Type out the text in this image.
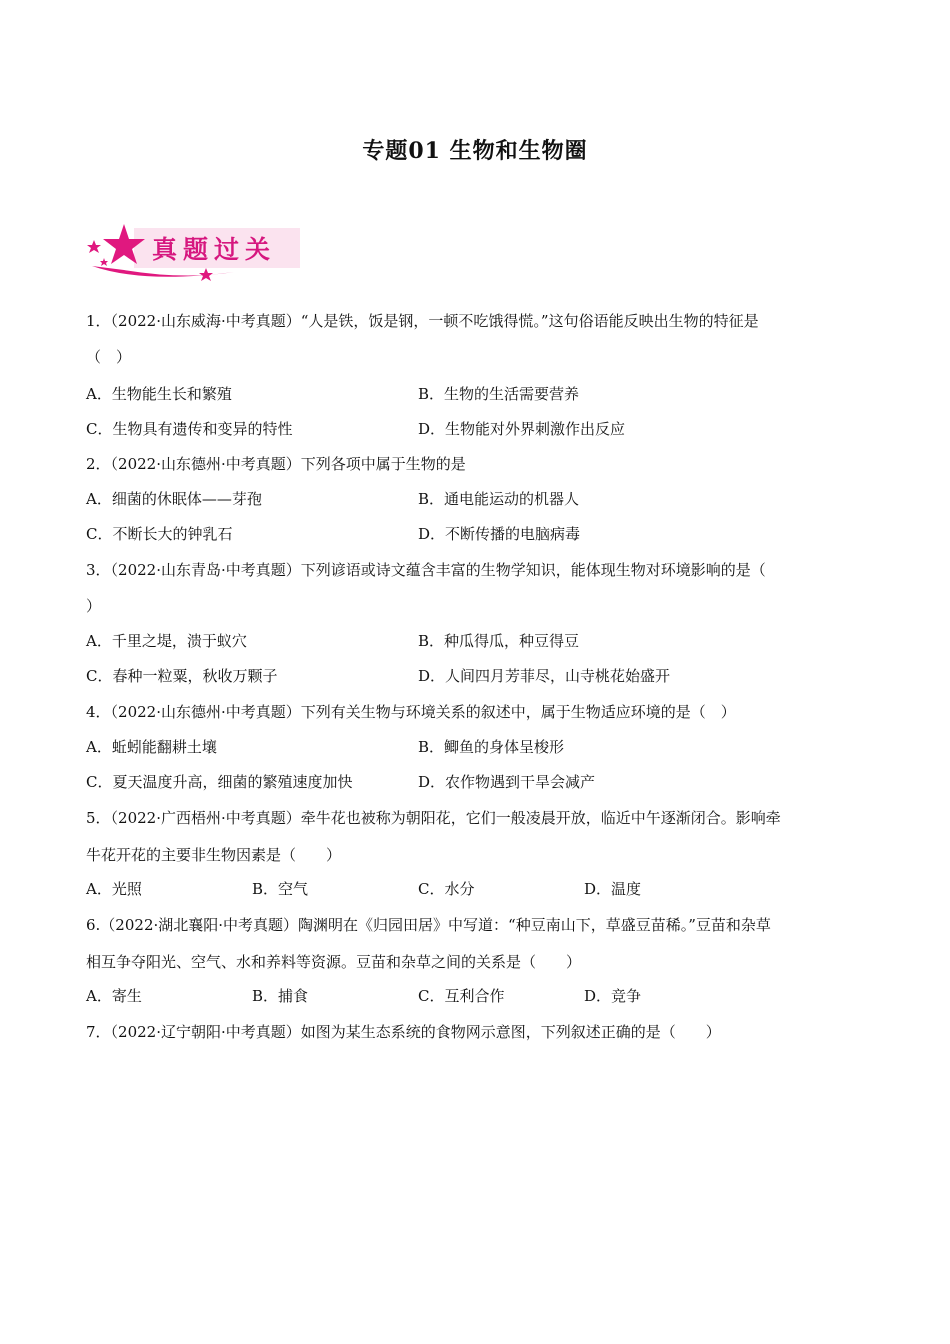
专题01 生物和生物圈
真题过关
1．（2022·山东威海·中考真题）“人是铁，饭是钢，一顿不吃饿得慌。”这句俗语能反映出生物的特征是
（　）
A．生物能生长和繁殖	B．生物的生活需要营养
C．生物具有遗传和变异的特性	D．生物能对外界刺激作出反应
2．（2022·山东德州·中考真题）下列各项中属于生物的是
A．细菌的休眠体——芽孢	B．通电能运动的机器人
C．不断长大的钟乳石	D．不断传播的电脑病毒
3．（2022·山东青岛·中考真题）下列谚语或诗文蕴含丰富的生物学知识，能体现生物对环境影响的是（
）
A．千里之堤，溃于蚁穴	B．种瓜得瓜，种豆得豆
C．春种一粒粟，秋收万颗子	D．人间四月芳菲尽，山寺桃花始盛开
4．（2022·山东德州·中考真题）下列有关生物与环境关系的叙述中，属于生物适应环境的是（　）
A．蚯蚓能翻耕土壤	B．鲫鱼的身体呈梭形
C．夏天温度升高，细菌的繁殖速度加快	D．农作物遇到干旱会减产
5．（2022·广西梧州·中考真题）牵牛花也被称为朝阳花，它们一般凌晨开放，临近中午逐渐闭合。影响牵
牛花开花的主要非生物因素是（　　）
A．光照	B．空气	C．水分	D．温度
6.（2022·湖北襄阳·中考真题）陶渊明在《归园田居》中写道：“种豆南山下，草盛豆苗稀。”豆苗和杂草
相互争夺阳光、空气、水和养料等资源。豆苗和杂草之间的关系是（　　）
A．寄生	B．捕食	C．互利合作	D．竞争
7．（2022·辽宁朝阳·中考真题）如图为某生态系统的食物网示意图，下列叙述正确的是（　　）
